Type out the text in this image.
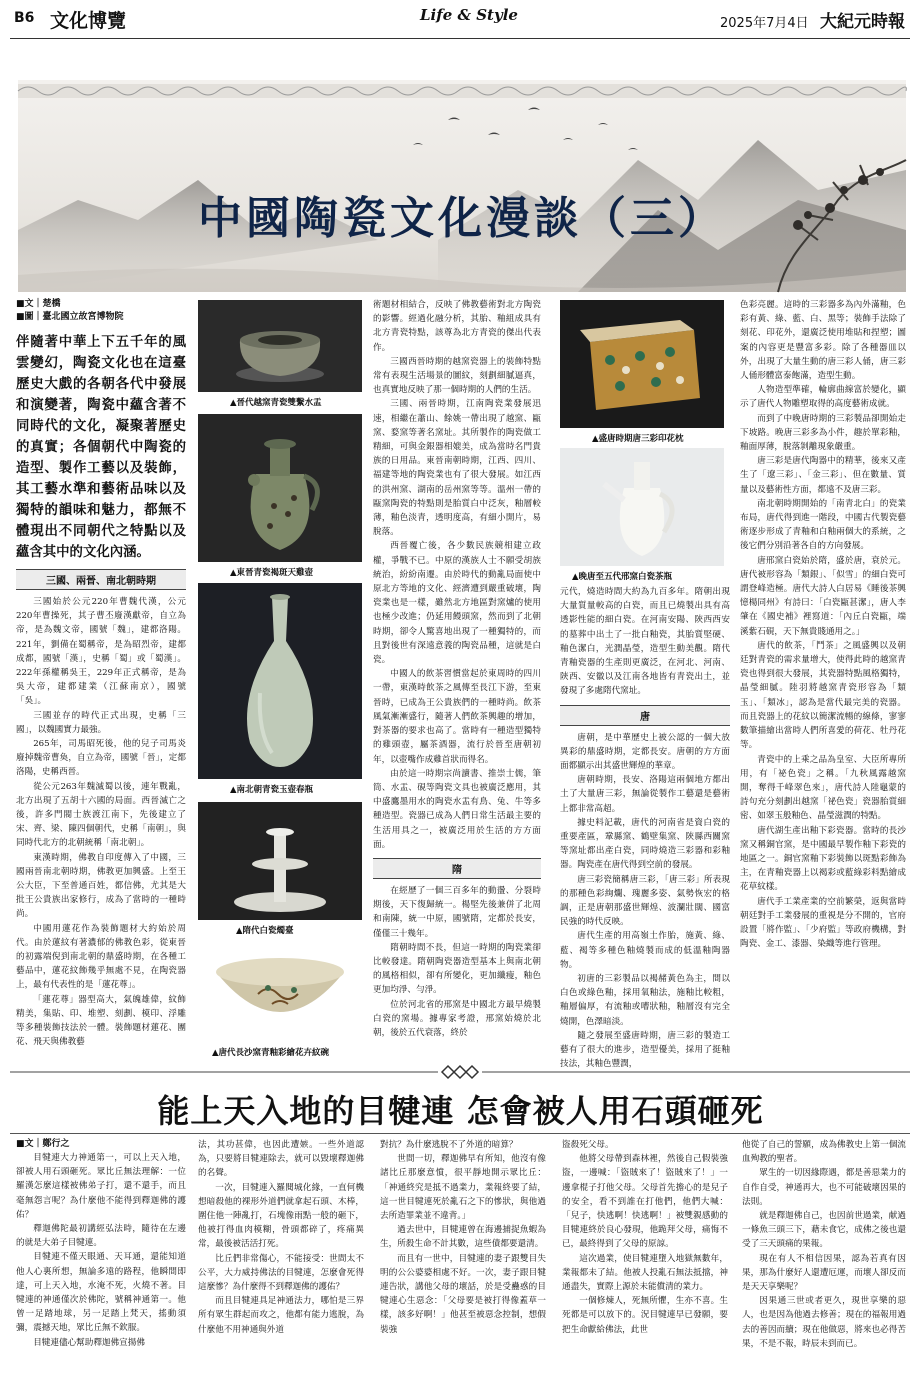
B6 文化博覽	Life & Style	2025年7月4日 大紀元時報
中國陶瓷文化漫談（三）
■文｜楚橋
■圖｜臺北國立故宮博物院
伴隨著中華上下五千年的風雲變幻，陶瓷文化也在這臺歷史大戲的各朝各代中發展和演變著，陶瓷中蘊含著不同時代的文化，凝聚著歷史的真實；各個朝代中陶瓷的造型、製作工藝以及裝飾，其工藝水準和藝術品味以及獨特的韻味和魅力，都無不體現出不同朝代之特點以及蘊含其中的文化內涵。
三國、兩晉、南北朝時期

三國始於公元220年曹魏代漢，公元220年曹操死，其子曹丕廢漢獻帝，自立為帝，是為魏文帝，國號「魏」，建都洛陽。221年，劉備在蜀稱帝，是為昭烈帝，建都成都，國號「漢」，史稱「蜀」或「蜀漢」。222年孫權稱吳王，229年正式稱帝，是為吳大帝，建都建業（江蘇南京），國號「吳」。

三國並存的時代正式出現，史稱「三國」，以魏國實力最強。

265年，司馬昭死後，他的兒子司馬炎廢掉魏帝曹奐，自立為帝，國號「晉」，定都洛陽，史稱西晉。

從公元263年魏滅蜀以後，連年戰亂，北方出現了五胡十六國的局面。西晉滅亡之後，許多門閥士族渡江南下，先後建立了宋、齊、梁、陳四個朝代，史稱「南朝」，與同時代北方的北朝統稱「南北朝」。

東漢時期，佛教自印度傳入了中國，三國兩晉南北朝時期，佛教更加興盛。上至王公大臣，下至普通百姓，都信佛，尤其是大批王公貴族出家修行，成為了當時的一種時尚。

中國用蓮花作為裝飾題材大約始於周代。由於蓮紋有著濃郁的佛教色彩，從東晉的初露端倪到南北朝的鼎盛時期，在各種工藝品中，蓮花紋飾幾乎無處不見，在陶瓷器上，最有代表性的是「蓮花尊」。

「蓮花尊」器型高大，氣魄雄偉，紋飾精美，集貼、印、堆塑、刻劃、模印、浮雕等多種裝飾技法於一體。裝飾題材蓮花、團花、飛天與佛教藝

▲晉代越窯青瓷雙繫水盂
▲東晉青瓷褐斑天雞壺
▲南北朝青瓷玉壺春瓶
▲隋代白瓷燭臺
▲唐代長沙窯青釉彩繪花卉紋碗

術題材相結合，反映了佛教藝術對北方陶瓷的影響。經過化融分析，其胎、釉組成具有北方青瓷特點，該尊為北方青瓷的傑出代表作。

三國西晉時期的越窯瓷器上的裝飾特點常有表現生活場景的圖紋，刻劃細膩逼真，也真實地反映了那一個時期的人們的生活。

三國、兩晉時期，江南陶瓷業發展迅速，相繼在蕭山、餘姚一帶出現了越窯、甌窯、婺窯等著名窯址。其所製作的陶瓷做工精細，可與金銀器相媲美，成為當時名門貴族的日用品。東晉南朝時期，江西、四川、福建等地的陶瓷業也有了很大發展。如江西的洪州窯、湖南的岳州窯等等。溫州一帶的甌窯陶瓷的特點則是胎質白中泛灰，釉層較薄，釉色淡青，透明度高，有細小開片，易脫落。

西晉覆亡後，各少數民族競相建立政權，爭戰不已。中原的漢族人士不願受胡族統治，紛紛南遷。由於時代的動亂局面使中原北方等地的文化、經濟遭到嚴重破壞，陶瓷業也是一樣，雖然北方地區對窯爐的使用也極少改進；仍延用饅頭窯，然而到了北朝時期，卻令人驚喜地出現了一種獨特的，而且對後世有深遠意義的陶瓷品種，這就是白瓷。

中國人的飲茶習慣當起於東周時的四川一帶，東漢時飲茶之風傳至長江下游，至東晉時，已成為王公貴族們的一種時尚。飲茶風氣漸漸盛行，隨著人們飲茶興趣的增加，對茶器的要求也高了。當時有一種造型獨特的雞頭壺，屬茶酒器，流行於晉至唐朝初年，以壺嘴作成雞首狀而得名。

由於這一時期宗尚讀書、推崇士儒，筆筒、水盂、硯等陶瓷文具也被廣泛應用，其中盛鷹墨用水的陶瓷水盂有鳥、兔、牛等多種造型。瓷器已成為人們日常生活最主要的生活用具之一，被廣泛用於生活的方方面面。

隋

在經歷了一個三百多年的動盪、分裂時期後，天下復歸統一。楊堅先後兼併了北周和南陳，統一中原，國號隋，定都於長安，僅僅三十幾年。

隋朝時間不長，但這一時期的陶瓷業卻比較發達。隋朝陶瓷器造型基本上與南北朝的風格相似，卻有所變化，更加纖瘦，釉色更加均淨、勻淨。

位於河北省的邢窯是中國北方最早燒製白瓷的窯場。據專家考證，邢窯始燒於北朝，後於五代衰落，終於

▲盛唐時期唐三彩印花枕
▲晚唐至五代邢窯白瓷茶瓶

元代，燒造時間大約為九百多年。隋朝出現大量質量較高的白瓷，而且已燒製出具有高透影性能的細白瓷。在河南安陽、陝西西安的墓葬中出土了一批白釉瓷，其胎質堅硬、釉色潔白，光潤晶瑩，造型生動美觀。隋代青釉瓷器的生產則更廣泛，在河北、河南、陝西、安徽以及江南各地皆有青瓷出土，並發現了多處隋代窯址。

唐

唐朝，是中華歷史上被公認的一個大放異彩的鼎盛時期，定都長安。唐朝的方方面面都顯示出其盛世輝煌的華章。

唐朝時期，長安、洛陽這兩個地方都出土了大量唐三彩，無論從製作工藝還是藝術上都非常高超。

據史料記載，唐代的河南省是資白瓷的重要產區，鞏縣窯、鶴壁集窯、陝縣西關窯等窯址都出產白瓷，同時燒造三彩器和彩釉器。陶瓷產在唐代得到空前的發展。

唐三彩瓷簡稱唐三彩，「唐三彩」所表現的那種色彩絢爛、瑰麗多姿、氣勢恢宏的格調，正是唐朝那盛世輝煌、波瀾壯闊、國富民強的時代反映。

唐代生產的用高嶺土作胎，施黃、綠、藍、褐等多種色釉燒製而成的低溫釉陶器物。

初唐的三彩製品以褐赭黃色為主，間以白色或綠色釉，採用氧釉法，施釉比較粗，釉層偏厚，有流釉或嘈狀釉，釉層沒有完全燒開，色澤暗淡。

隨之發展至盛唐時期，唐三彩的製造工藝有了很大的進步，造型優美，採用了挺釉技法，其釉色豐潤，

色彩亮麗。這時的三彩器多為內外滿釉，色彩有黃、綠、藍、白、黑等；裝飾手法除了刻花、印花外，還廣泛使用堆貼和捏塑；圖案的內容更是豐富多彩。除了各種器皿以外，出現了大量生動的唐三彩人俑，唐三彩人俑形體富泰飽滿，造型生動。

人物造型準確，輪廓曲線富於變化，顯示了唐代人物雕塑取得的高度藝術成就。

而到了中晚唐時期的三彩製品卻開始走下坡路。晚唐三彩多為小件，趣於單彩釉，釉面厚薄，脫落剝離現象嚴重。

唐三彩是唐代陶器中的精華，後來又產生了「遼三彩」、「金三彩」、但在數量、質量以及藝術性方面，都遠不及唐三彩。

南北朝時期開始的「南青北白」的瓷業布局，唐代得到進一階段，中國古代製瓷藝術逐步形成了青釉和白釉兩個大的系統，之後它們分別沿著各自的方向發展。

唐邢窯白瓷始於隋，盛於唐，衰於元。唐代被形容為「類銀」、「似雪」的細白瓷可謂登峰造極。唐代大詩人白居易《睡後茶興憶楊同州》有詩曰：「白瓷甌甚潔」，唐人李肇在《國史補》裡寫道：「內丘白瓷甌，端溪紫石硯，天下無貴賤通用之。」

唐代的飲茶，「鬥茶」之風盛興以及朝廷對青瓷的需求量增大，使得此時的越窯青瓷也得到很大發展，其瓷器特點風格獨特，晶瑩細膩。陸羽將越窯青瓷形容為「類玉」、「類冰」，認為是當代最完美的瓷器。而且瓷器上的花紋以簡潔流暢的線條，寥寥數筆描繪出當時人們所喜愛的荷花、牡丹花等。

青瓷中的上乘之品為皇室、大臣所專所用，有「祕色瓷」之稱。「九秋風露越窯開，奪得千峰翠色來」，唐代詩人陸龜蒙的詩句充分刻劃出越窯「祕色瓷」瓷器胎質細密、如翠玉般釉色、晶瑩滋潤的特點。

唐代湖生產出釉下彩瓷器。當時的長沙窯又稱銅官窯，是中國最早製作釉下彩瓷的地區之一。銅官窯釉下彩裝飾以斑點彩飾為主，在青釉瓷器上以褐彩或藍綠彩料點繪成花草紋樣。

唐代手工業產業的空前繁榮，返與當時朝廷對手工業發展的重視是分不開的，官府設置「將作監」、「少府監」等政府機構，對陶瓷、金工、漆器、染織等進行管理。

能上天入地的目犍連 怎會被人用石頭砸死
■文｜鄭行之

目犍連大力神通第一，可以上天入地，卻被人用石頭砸死。眾比丘無法理解：一位羅漢怎麼這樣被佛弟子打，還不還手，而且毫無怨言呢？為什麼他不能得到釋迦佛的護佑？

釋迦佛陀最初講經弘法時，隨待在左邊的就是大弟子目犍連。

目犍連不僅天眼通、天耳通，還能知道他人心裏所想，無論多遠的路程，他瞬間即達，可上天入地，水淹不死，火燒不著。目犍連的神通僅次於佛陀，號稱神通第一。他曾一足踏地球，另一足踏上梵天，搖動須彌，震撼天地，眾比丘無不欽服。

目犍連儘心幫助釋迦佛宣揚佛

法，其功甚偉，也因此遭嫉。一些外道認為，只要將目犍連除去，就可以毀壞釋迦佛的名聲。

一次，目犍連入羅閱城化緣，一直何機想暗殺他的裸形外道們就拿起石頭、木棒，圍住他一陣亂打，石塊像雨點一般的砸下，他被打得血肉模糊，骨頭都碎了，疼痛異常，最後被活活打死。

比丘們非常傷心，不能接受：世間太不公平，大力威持佛法的目犍連，怎麼會死得這麼慘？為什麼得不到釋迦佛的護佑？

而且目犍連具足神通法力，哪怕是三界所有眾生群起而攻之，他都有能力逃脫，為什麼他不用神通與外道

對抗？為什麼逃脫不了外道的暗算？

世間一切，釋迦佛早有所知，他沒有像諸比丘那麼意憤，很平靜地開示眾比丘：「神通終究是抵不過業力，業報終要了結，這一世目犍連死於亂石之下的慘狀，與他過去所造罪業並不違背。」

過去世中，目犍連曾在海邊捕捉魚蝦為生，所殺生命不計其數，這些債都要還清。

而且有一世中，目犍連的妻子跟雙目失明的公公婆婆相處不好。一次，妻子跟目犍連告狀，講他父母的壞話，於是受蠱惑的目犍連心生惡念：「父母要是被打得像蓋草一樣，該多好啊！」他甚至被惡念控制，想假裝強

盜殺死父母。

他將父母帶到森林裡，然後自己假裝強盜，一邊喊：「盜賊來了！盜賊來了！」一邊拿棍子打他父母。父母首先擔心的是兒子的安全，看不到誰在打他們，他們大喊：「兒子，快逃啊！快逃啊！」被雙親感動的目犍連終於良心發現，他跪拜父母，痛悔不已，最終得到了父母的原諒。

這次過業，使目犍連墮入地獄無數年，業報都未了結。他被人投亂石無法抵擋，神通盡失，實際上源於未能償清的業力。

一個修煉人，死無所懼，生亦不喜。生死都是可以放下的。況目犍連早已發願，要把生命獻給佛法，此世

他從了自己的誓願，成為佛教史上第一個流血殉教的聖者。

眾生的一切因緣際遇，都是善惡業力的自作自受，神通再大，也不可能破壞因果的法則。

就是釋迦佛自己，也因前世過業，献過一條魚三頭三下，藉未食它，成佛之後也還受了三天頭痛的果報。

現在有人不相信因果，認為若真有因果，那為什麼好人還遭厄運，而壞人卻反而是天天享樂呢？

因果通三世或者更久，現世享樂的惡人，也是因為他過去修善；現在的福報用過去的善因而續；現在他做惡，將來也必得苦果，不是不報，時辰未到而已。
